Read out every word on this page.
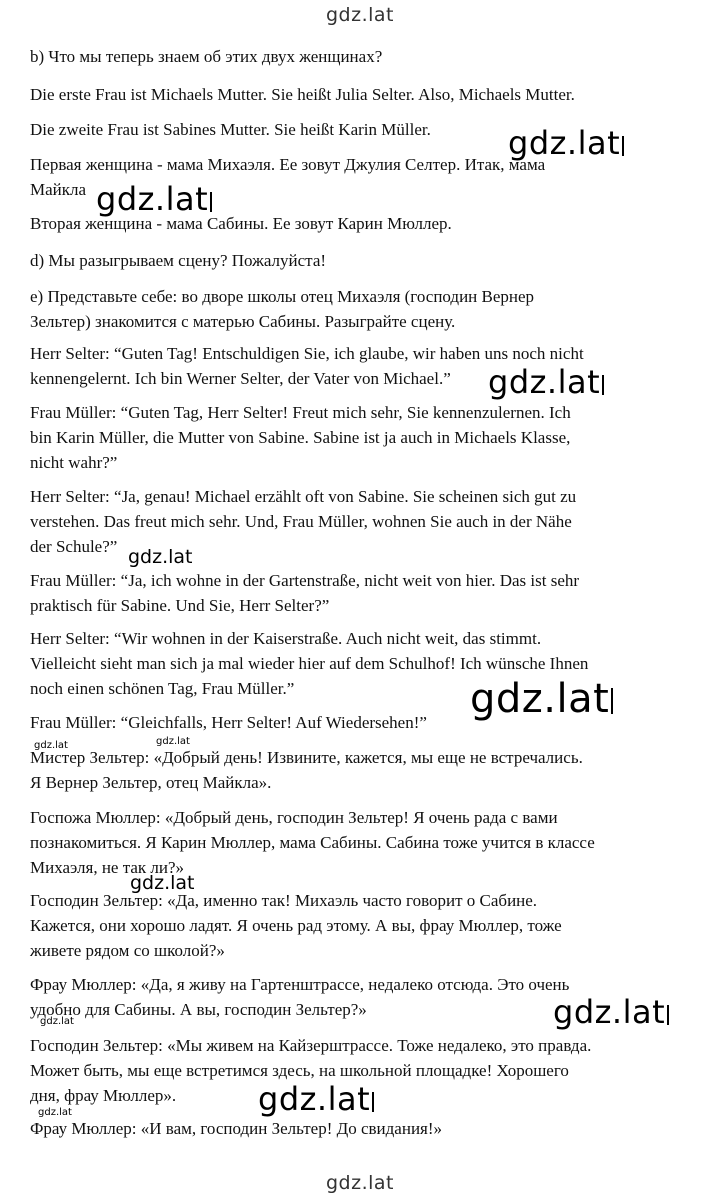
gdz.lat

b) Что мы теперь знаем об этих двух женщинах?

Die erste Frau ist Michaels Mutter. Sie heißt Julia Selter. Also, Michaels Mutter.

Die zweite Frau ist Sabines Mutter. Sie heißt Karin Müller.

Первая женщина - мама Михаэля. Ее зовут Джулия Селтер. Итак, мама
Майкла

Вторая женщина - мама Сабины. Ее зовут Карин Мюллер.

d) Мы разыгрываем сцену? Пожалуйста!

e) Представьте себе: во дворе школы отец Михаэля (господин Вернер
Зельтер) знакомится с матерью Сабины. Разыграйте сцену.

Herr Selter: “Guten Tag! Entschuldigen Sie, ich glaube, wir haben uns noch nicht
kennengelernt. Ich bin Werner Selter, der Vater von Michael.”

Frau Müller: “Guten Tag, Herr Selter! Freut mich sehr, Sie kennenzulernen. Ich
bin Karin Müller, die Mutter von Sabine. Sabine ist ja auch in Michaels Klasse,
nicht wahr?”

Herr Selter: “Ja, genau! Michael erzählt oft von Sabine. Sie scheinen sich gut zu
verstehen. Das freut mich sehr. Und, Frau Müller, wohnen Sie auch in der Nähe
der Schule?”

Frau Müller: “Ja, ich wohne in der Gartenstraße, nicht weit von hier. Das ist sehr
praktisch für Sabine. Und Sie, Herr Selter?”

Herr Selter: “Wir wohnen in der Kaiserstraße. Auch nicht weit, das stimmt.
Vielleicht sieht man sich ja mal wieder hier auf dem Schulhof! Ich wünsche Ihnen
noch einen schönen Tag, Frau Müller.”

Frau Müller: “Gleichfalls, Herr Selter! Auf Wiedersehen!”

Мистер Зельтер: «Добрый день! Извините, кажется, мы еще не встречались.
Я Вернер Зельтер, отец Майкла».

Госпожа Мюллер: «Добрый день, господин Зельтер! Я очень рада с вами
познакомиться. Я Карин Мюллер, мама Сабины. Сабина тоже учится в классе
Михаэля, не так ли?»

Господин Зельтер: «Да, именно так! Михаэль часто говорит о Сабине.
Кажется, они хорошо ладят. Я очень рад этому. А вы, фрау Мюллер, тоже
живете рядом со школой?»

Фрау Мюллер: «Да, я живу на Гартенштрассе, недалеко отсюда. Это очень
удобно для Сабины. А вы, господин Зельтер?»

Господин Зельтер: «Мы живем на Кайзерштрассе. Тоже недалеко, это правда.
Может быть, мы еще встретимся здесь, на школьной площадке! Хорошего
дня, фрау Мюллер».

Фрау Мюллер: «И вам, господин Зельтер! До свидания!»

gdz.lat
gdz.lat
gdz.lat
gdz.lat
gdz.lat
gdz.lat	gdz.lat
gdz.lat
gdz.lat
gdz.lat
gdz.lat
gdz.lat
gdz.lat
